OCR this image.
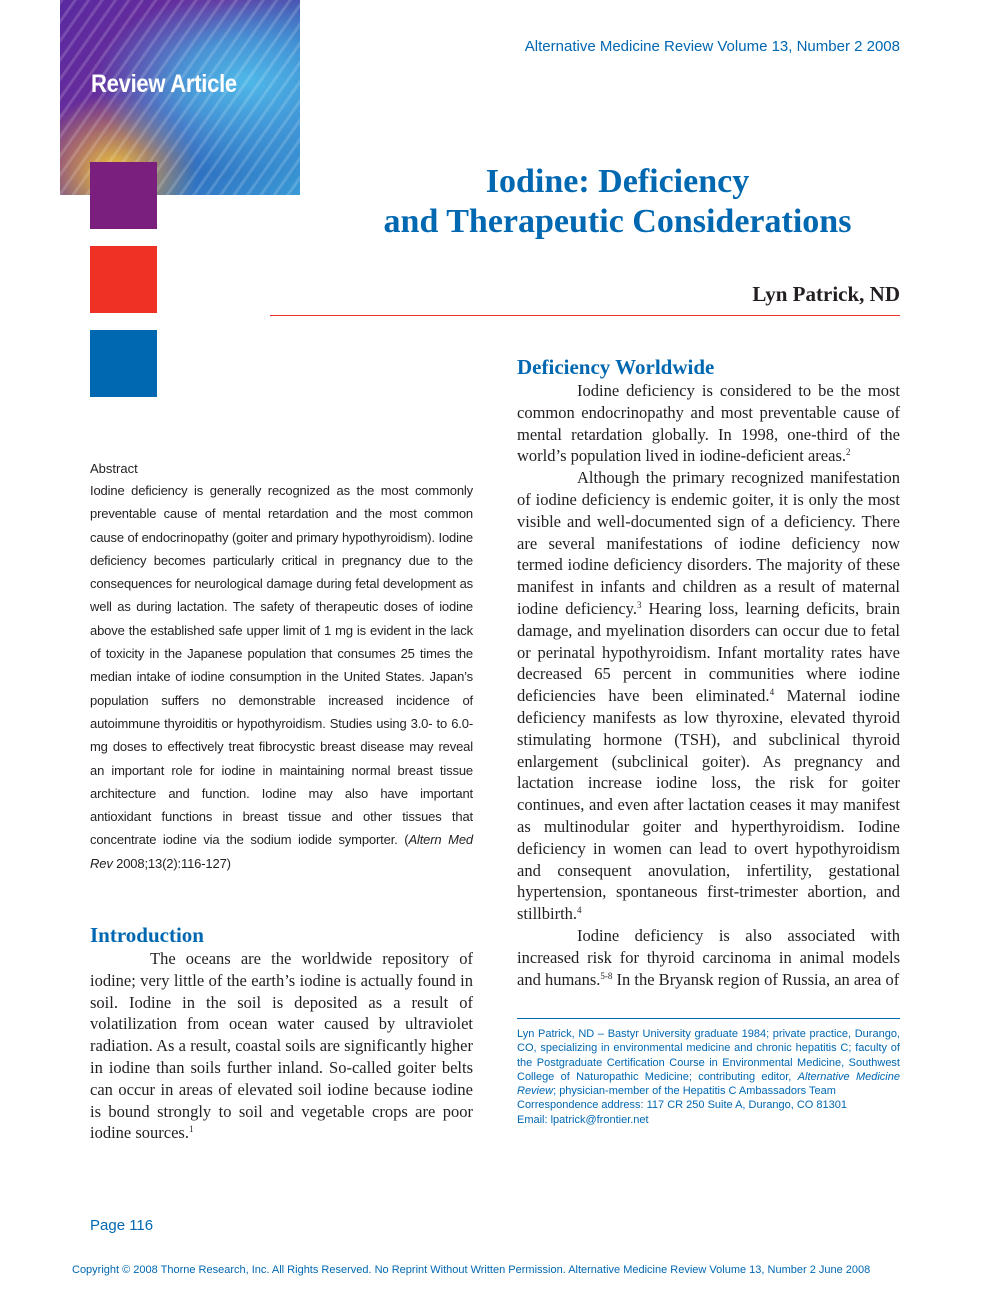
Review Article

Alternative Medicine Review Volume 13, Number 2 2008

Iodine: Deficiency
and Therapeutic Considerations

Lyn Patrick, ND

Abstract

Iodine deficiency is generally recognized as the most commonly preventable cause of mental retardation and the most common cause of endocrinopathy (goiter and primary hypothyroidism). Iodine deficiency becomes particularly critical in pregnancy due to the consequences for neurological damage during fetal development as well as during lactation. The safety of therapeutic doses of iodine above the established safe upper limit of 1 mg is evident in the lack of toxicity in the Japanese population that consumes 25 times the median intake of iodine consumption in the United States. Japan’s population suffers no demonstrable increased incidence of autoimmune thyroiditis or hypothyroidism. Studies using 3.0- to 6.0-mg doses to effectively treat fibrocystic breast disease may reveal an important role for iodine in maintaining normal breast tissue architecture and function. Iodine may also have important antioxidant functions in breast tissue and other tissues that concentrate iodine via the sodium iodide symporter. (Altern Med Rev 2008;13(2):116-127)

Introduction

The oceans are the worldwide repository of iodine; very little of the earth’s iodine is actually found in soil. Iodine in the soil is deposited as a result of volatilization from ocean water caused by ultraviolet radiation. As a result, coastal soils are significantly higher in iodine than soils further inland. So-called goiter belts can occur in areas of elevated soil iodine because iodine is bound strongly to soil and vegetable crops are poor iodine sources.$^1$

Deficiency Worldwide

Iodine deficiency is considered to be the most common endocrinopathy and most preventable cause of mental retardation globally. In 1998, one-third of the world’s population lived in iodine-deficient areas.$^2$

Although the primary recognized manifestation of iodine deficiency is endemic goiter, it is only the most visible and well-documented sign of a deficiency. There are several manifestations of iodine deficiency now termed iodine deficiency disorders. The majority of these manifest in infants and children as a result of maternal iodine deficiency.$^3$ Hearing loss, learning deficits, brain damage, and myelination disorders can occur due to fetal or perinatal hypothyroidism. Infant mortality rates have decreased 65 percent in communities where iodine deficiencies have been eliminated.$^4$ Maternal iodine deficiency manifests as low thyroxine, elevated thyroid stimulating hormone (TSH), and subclinical thyroid enlargement (subclinical goiter). As pregnancy and lactation increase iodine loss, the risk for goiter continues, and even after lactation ceases it may manifest as multinodular goiter and hyperthyroidism. Iodine deficiency in women can lead to overt hypothyroidism and consequent anovulation, infertility, gestational hypertension, spontaneous first-trimester abortion, and stillbirth.$^4$

Iodine deficiency is also associated with increased risk for thyroid carcinoma in animal models and humans.$^{5-8}$ In the Bryansk region of Russia, an area of

Lyn Patrick, ND – Bastyr University graduate 1984; private practice, Durango, CO, specializing in environmental medicine and chronic hepatitis C; faculty of the Postgraduate Certification Course in Environmental Medicine, Southwest College of Naturopathic Medicine; contributing editor, Alternative Medicine Review; physician-member of the Hepatitis C Ambassadors Team
Correspondence address: 117 CR 250 Suite A, Durango, CO 81301
Email: lpatrick@frontier.net

Page 116

Copyright © 2008 Thorne Research, Inc. All Rights Reserved. No Reprint Without Written Permission. Alternative Medicine Review Volume 13, Number 2 June 2008
